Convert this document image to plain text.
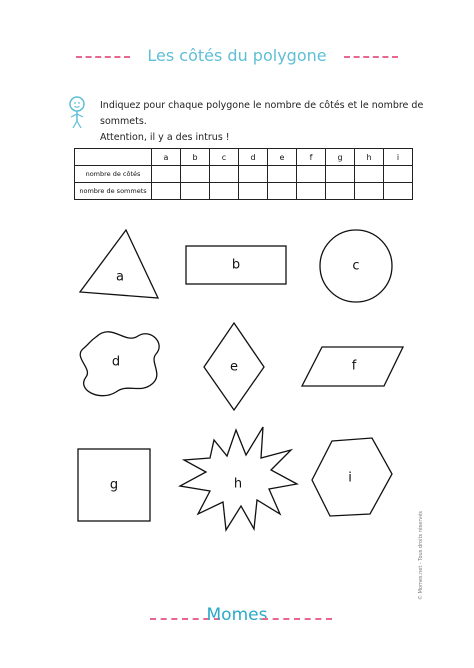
Les côtés du polygone
Indiquez pour chaque polygone le nombre de côtés et le nombre de sommets.
Attention, il y a des intrus !
	a	b	c	d	e	f	g	h	i
nombre de côtés									
nombre de sommets									
a
b	c
d	e	f
g	h	i
© Momes.net - Tous droits réservés
Momes
